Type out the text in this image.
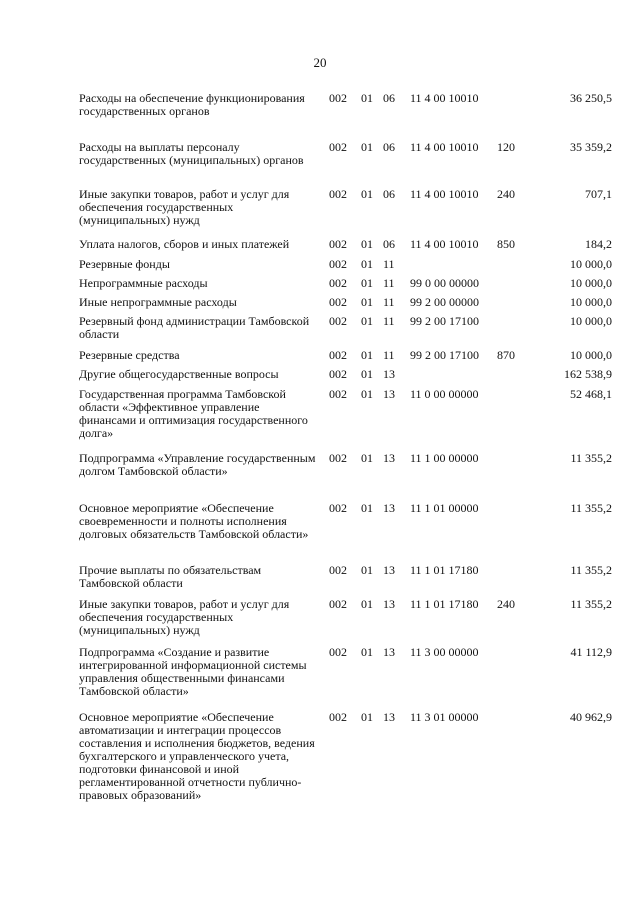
20
Расходы на обеспечение функционирования государственных органов
002 01 06 11 4 00 10010	36 250,5
Расходы на выплаты персоналу государственных (муниципальных) органов
002 01 06 11 4 00 10010 120	35 359,2
Иные закупки товаров, работ и услуг для обеспечения государственных (муниципальных) нужд
002 01 06 11 4 00 10010 240	707,1
Уплата налогов, сборов и иных платежей	002 01 06 11 4 00 10010 850	184,2
Резервные фонды	002 01 11	10 000,0
Непрограммные расходы	002 01 11 99 0 00 00000	10 000,0
Иные непрограммные расходы	002 01 11 99 2 00 00000	10 000,0
Резервный фонд администрации Тамбовской области
002 01 11 99 2 00 17100	10 000,0
Резервные средства	002 01 11 99 2 00 17100 870	10 000,0
Другие общегосударственные вопросы	002 01 13	162 538,9
Государственная программа Тамбовской области «Эффективное управление финансами и оптимизация государственного долга»
002 01 13 11 0 00 00000	52 468,1
Подпрограмма «Управление государственным долгом Тамбовской области»
002 01 13 11 1 00 00000	11 355,2
Основное мероприятие «Обеспечение своевременности и полноты исполнения долговых обязательств Тамбовской области»
002 01 13 11 1 01 00000	11 355,2
Прочие выплаты по обязательствам Тамбовской области
002 01 13 11 1 01 17180	11 355,2
Иные закупки товаров, работ и услуг для обеспечения государственных (муниципальных) нужд
002 01 13 11 1 01 17180 240	11 355,2
Подпрограмма «Создание и развитие интегрированной информационной системы управления общественными финансами Тамбовской области»
002 01 13 11 3 00 00000	41 112,9
Основное мероприятие «Обеспечение автоматизации и интеграции процессов составления и исполнения бюджетов, ведения бухгалтерского и управленческого учета, подготовки финансовой и иной регламентированной отчетности публично-правовых образований»
002 01 13 11 3 01 00000	40 962,9
